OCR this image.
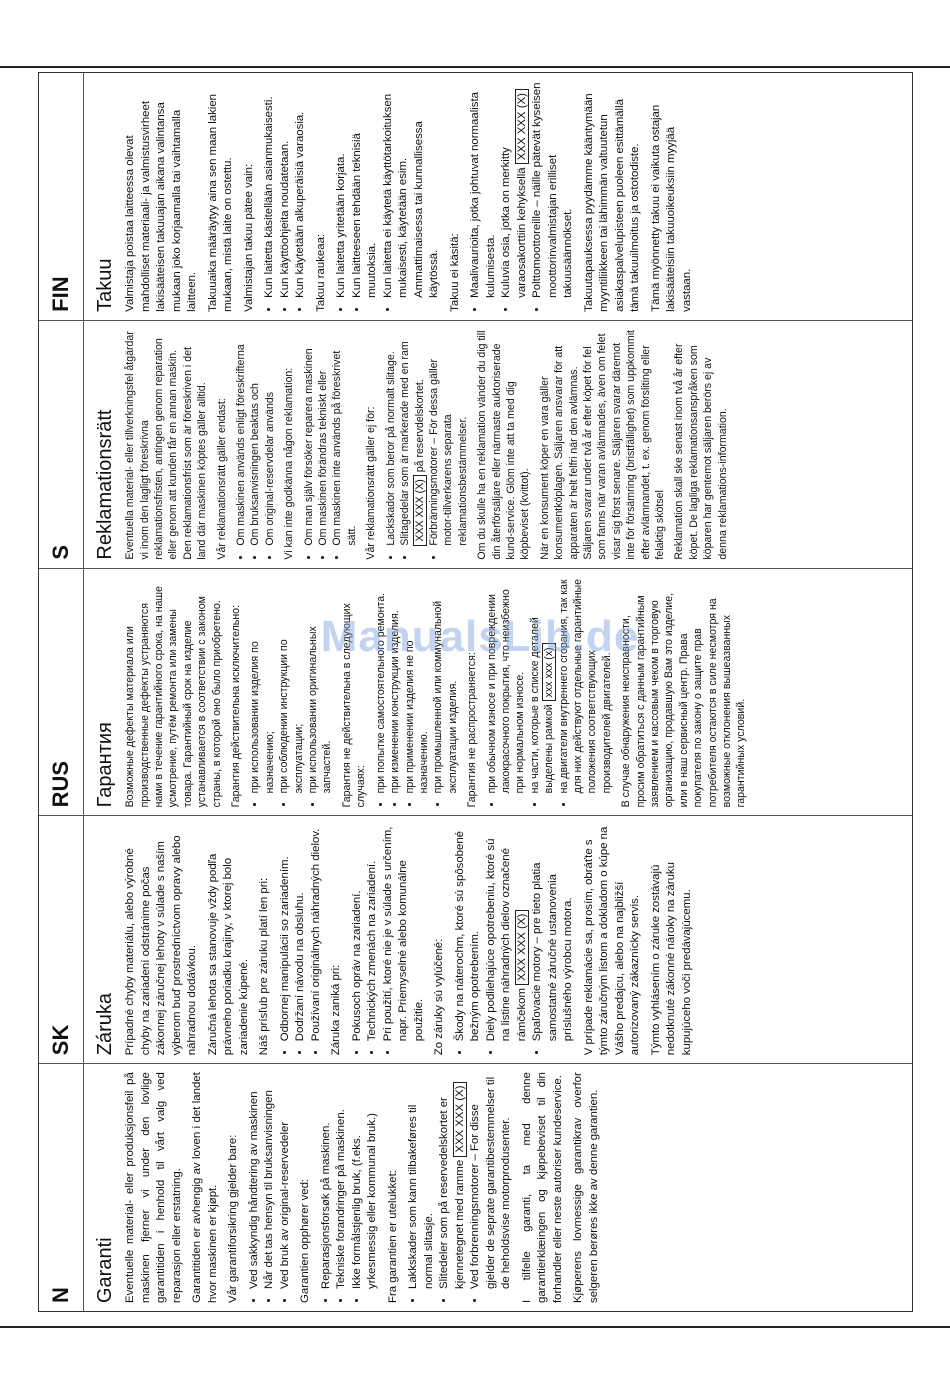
N	Garanti Eventuelle material- eller produksjonsfeil på maskinen fjerner vi under den lovlige garantitiden i henhold til vårt valg ved reparasjon eller erstatning. Garantitiden er avhengig av loven i det landet hvor maskinen er kjøpt. Vår garantiforsikring gjelder bare: • Ved sakkyndig håndtering av maskinen • Når det tas hensyn til bruksanvisningen • Ved bruk av original-reservedeler Garantien opphører ved: • Reparasjonsforsøk på maskinen. • Tekniske forandringer på maskinen. • Ikke formålstjenlig bruk, (f.eks. yrkesmessig eller kommunal bruk.) Fra garantien er utelukket: • Lakkskader som kann tilbakeføres til normal slitasje. • Slitedeler som på reservedelskortet er kjennetegnet med ramme XXX XXX (X) • Ved forbrenningsmotorer – For disse gjelder de seprate garantibestemmelser til de heholdsvise motorprodusenter. I tilfelle garanti, ta med denne garantierklæingen og kjøpebeviset til din forhandler eller neste autoriser kundeservice. Kjøperens lovmessige garantikrav overfor selgeren berøres ikke av denne garantien.

SK	Záruka Prípadné chyby materiálu, alebo výrobné chyby na zariadení odstránime počas zákonnej záručnej lehoty v súlade s naším výberom buď prostredníctvom opravy alebo náhradnou dodávkou. Záručná lehota sa stanovuje vždy podľa právneho poriadku krajiny, v ktorej bolo zariadenie kúpené. Náš prísľub pre záruku platí len pri: • Odbornej manipulácii so zariadením. • Dodržaní návodu na obsluhu. • Používaní originálnych náhradných dielov. Záruka zaniká pri: • Pokusoch opráv na zariadení. • Technických zmenách na zariadení. • Pri použití, ktoré nie je v súlade s určením, napr. Priemyselné alebo komunálne použitie. Zo záruky sú vylúčené: • Škody na náterochm, ktoré sú spôsobené bežným opotrebením. • Diely podliehajúce opotrebeniu, ktoré sú na listine náhradných dielov označené rámčekom XXX XXX (X) • Spaľovacie motory – pre tieto platia samostatné záručné ustanovenia príslušného výrobcu motora. V prípade reklamácie sa, prosím, obráťte s týmto záručným listom a dokladom o kúpe na Vášho predajcu, alebo na najbližší autorizovaný zákaznícky servis. Týmto vyhlásením o záruke zostávajú nedotknuté zákonné nároky na záruku kupujúceho voči predávajúcemu.

RUS	Гарантия Возможные дефекты материала или производственные дефекты устраняются нами в течение гарантийного срока, на наше усмотрение, путём ремонта или замены товара. Гарантийный срок на изделие устанавливается в соответствии с законом страны, в которой оно было приобретено. Гарантия действительна исключительно: • при использовании изделия по назначению; • при соблюдении инструкции по эксплуатации; • при использовании оригинальных запчастей. Гарантия не действительна в следующих случаях: • при попытке самостоятельного ремонта. • при изменении конструкции изделия. • при применении изделия не по назначению. • при промышленной или коммунальной эксплуатации изделия. Гарантия не распространяется: • при обычном износе и при повреждении лакокрасочного покрытия, что неизбежно при нормальном износе. • на части, которые в списке деталей выделены рамкой xxx xxx (x) • на двигатели внутреннего сгорания, так как для них действуют отдельные гарантийные положения соответствующих производителей двигателей. В случае обнаружения неисправности, просим обратиться с данным гарантийным заявлением и кассовым чеком в торговую организацию, продавшую Вам это изделие, или в наш сервисный центр. Права покупателя по закону о защите прав потребителя остаются в силе несмотря на возможные отклонения вышеазванных гарантийных условий.

S	Reklamationsrätt Eventuella material- eller tillverkningsfel åtgärdar vi inom den lagligt föreskrivna reklamationsfristen, antingen genom reparation eller genom att kunden får en annan maskin. Den reklamationsfrist som är föreskriven i det land där maskinen köptes gäller alltid. Vår reklamationsrätt gäller endast: • Om maskinen används enligt föreskrifterna • Om bruksanvisningen beaktas och • Om original-reservdelar används Vi kan inte godkänna någon reklamation: • Om man själv försöker reparera maskinen • Om maskinen förändras tekniskt eller • Om maskinen inte används på föreskrivet sätt. Vår reklamationsrätt gäller ej för: • Lackskador som beror på normalt slitage. • Slitagedelar som är markerade med en ram XXX XXX (X) på reservdelskortet. • Förbränningsmotorer – För dessa gäller motor-tillverkarens separata reklamationsbestämmelser. Om du skulle ha en reklamation vänder du dig till din återförsäljare eller närmaste auktoriserade kund-service. Glöm inte att ta med dig köpbeviset (kvittot). När en konsument köper en vara gäller konsumentköplagen. Säljaren ansvarar för att apparaten är helt felfri när den avlämnas. Säljaren svarar under två år efter köpet för fel som fanns när varan avlämnades, även om felet visar sig först senare. Säljaren svarar däremot inte för försämring (bristfällighet) som uppkommit efter avlämnandet, t. ex. genom försliting eller felaktig skötsel Reklamation skall ske senast inom två år efter köpet. De lagliga reklamationsanspråken som köparen har gentemot säljaren berörs ej av denna reklamations-information.

FIN	Takuu Valmistaja poistaa laitteessa olevat mahdolliset materiaali- ja valmistusvirheet lakisääteisen takuuajan aikana valintansa mukaan joko korjaamalla tai vaihtamalla laitteen. Takuuaika määräytyy aina sen maan lakien mukaan, mistä laite on ostettu. Valmistajan takuu pätee vain: • Kun laitetta käsitellään asianmukaisesti. • Kun käyttöohjeita noudatetaan. • Kun käytetään alkuperäisiä varaosia. Takuu raukeaa: • Kun laitetta yritetään korjata. • Kun laitteeseen tehdään teknisiä muutoksia. • Kun laitetta ei käytetä käyttötarkoituksen mukaisesti, käytetään esim. Ammattimaisessa tai kunnallisessa käytössä. Takuu ei käsitä: • Maalivaurioita, jotka johtuvat normaalista kulumisesta. • Kuluvia osia, jotka on merkitty varaosakorttiin kehyksellä XXX XXX (X) • Polttomoottoreille – näille pätevät kyseisen moottorinvalmistajan erilliset takuusäännökset. Takuutapauksessa pyydämme kääntymään myyntiliikkeen tai lähimmän valtuutetun asiakaspalvelupisteen puoleen esittämällä tämä takuuilmoitus ja ostotodiste. Tämä myönnetty takuu ei vaikuta ostajan lakisääteisiin takuuoikeuksiin myyjää vastaan.

ManualsLib.de
